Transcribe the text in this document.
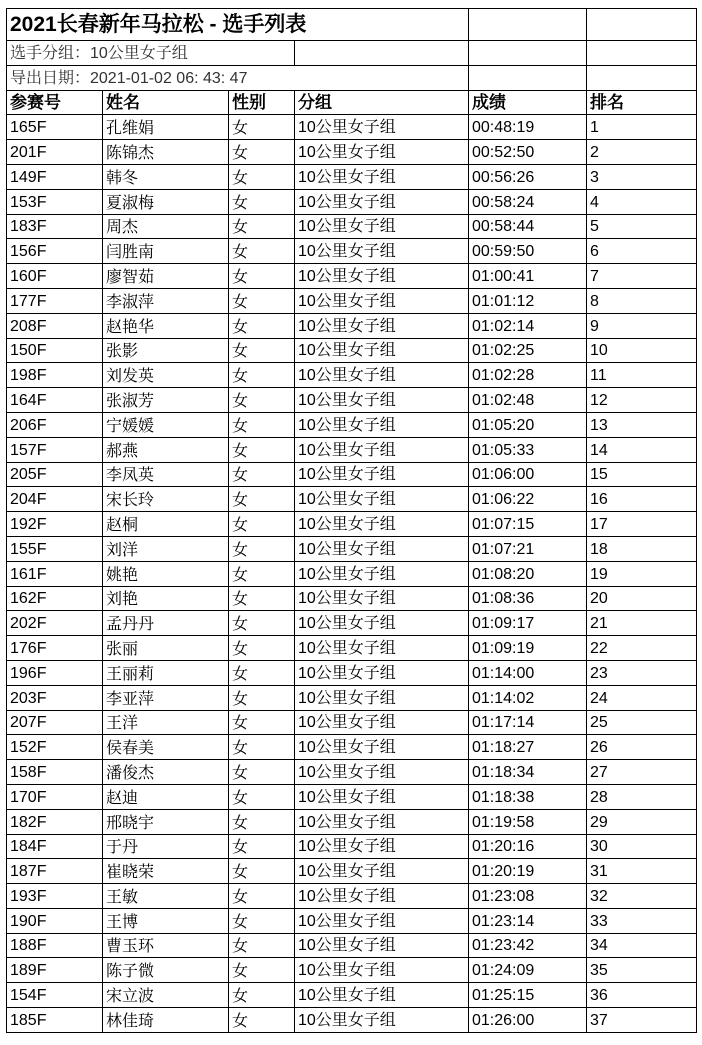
2021长春新年马拉松 - 选手列表					
选手分组：10公里女子组					
导出日期：2021-01-02 06: 43: 47					
参赛号	姓名	性别	分组	成绩	排名
165F	孔维娟	女	10公里女子组	00:48:19	1
201F	陈锦杰	女	10公里女子组	00:52:50	2
149F	韩冬	女	10公里女子组	00:56:26	3
153F	夏淑梅	女	10公里女子组	00:58:24	4
183F	周杰	女	10公里女子组	00:58:44	5
156F	闫胜南	女	10公里女子组	00:59:50	6
160F	廖智茹	女	10公里女子组	01:00:41	7
177F	李淑萍	女	10公里女子组	01:01:12	8
208F	赵艳华	女	10公里女子组	01:02:14	9
150F	张影	女	10公里女子组	01:02:25	10
198F	刘发英	女	10公里女子组	01:02:28	11
164F	张淑芳	女	10公里女子组	01:02:48	12
206F	宁媛媛	女	10公里女子组	01:05:20	13
157F	郝燕	女	10公里女子组	01:05:33	14
205F	李凤英	女	10公里女子组	01:06:00	15
204F	宋长玲	女	10公里女子组	01:06:22	16
192F	赵桐	女	10公里女子组	01:07:15	17
155F	刘洋	女	10公里女子组	01:07:21	18
161F	姚艳	女	10公里女子组	01:08:20	19
162F	刘艳	女	10公里女子组	01:08:36	20
202F	孟丹丹	女	10公里女子组	01:09:17	21
176F	张丽	女	10公里女子组	01:09:19	22
196F	王丽莉	女	10公里女子组	01:14:00	23
203F	李亚萍	女	10公里女子组	01:14:02	24
207F	王洋	女	10公里女子组	01:17:14	25
152F	侯春美	女	10公里女子组	01:18:27	26
158F	潘俊杰	女	10公里女子组	01:18:34	27
170F	赵迪	女	10公里女子组	01:18:38	28
182F	邢晓宇	女	10公里女子组	01:19:58	29
184F	于丹	女	10公里女子组	01:20:16	30
187F	崔晓荣	女	10公里女子组	01:20:19	31
193F	王敏	女	10公里女子组	01:23:08	32
190F	王博	女	10公里女子组	01:23:14	33
188F	曹玉环	女	10公里女子组	01:23:42	34
189F	陈子微	女	10公里女子组	01:24:09	35
154F	宋立波	女	10公里女子组	01:25:15	36
185F	林佳琦	女	10公里女子组	01:26:00	37
